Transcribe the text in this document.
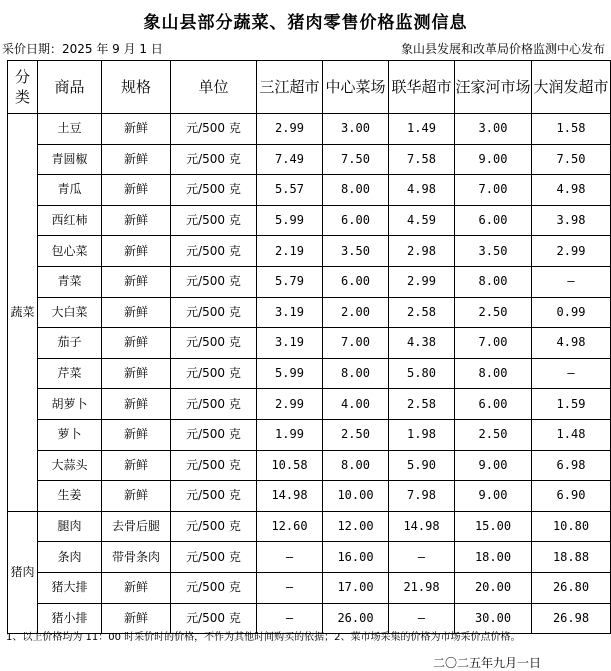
象山县部分蔬菜、猪肉零售价格监测信息
采价日期：2025 年 9 月 1 日	象山县发展和改革局价格监测中心发布
分类	商品	规格	单位	三江超市	中心菜场	联华超市	汪家河市场	大润发超市
蔬菜	土豆	新鲜	元/500 克	2.99	3.00	1.49	3.00	1.58
	青圆椒	新鲜	元/500 克	7.49	7.50	7.58	9.00	7.50
	青瓜	新鲜	元/500 克	5.57	8.00	4.98	7.00	4.98
	西红柿	新鲜	元/500 克	5.99	6.00	4.59	6.00	3.98
	包心菜	新鲜	元/500 克	2.19	3.50	2.98	3.50	2.99
	青菜	新鲜	元/500 克	5.79	6.00	2.99	8.00	—
	大白菜	新鲜	元/500 克	3.19	2.00	2.58	2.50	0.99
	茄子	新鲜	元/500 克	3.19	7.00	4.38	7.00	4.98
	芹菜	新鲜	元/500 克	5.99	8.00	5.80	8.00	—
	胡萝卜	新鲜	元/500 克	2.99	4.00	2.58	6.00	1.59
	萝卜	新鲜	元/500 克	1.99	2.50	1.98	2.50	1.48
	大蒜头	新鲜	元/500 克	10.58	8.00	5.90	9.00	6.98
	生姜	新鲜	元/500 克	14.98	10.00	7.98	9.00	6.90
猪肉	腿肉	去骨后腿	元/500 克	12.60	12.00	14.98	15.00	10.80
	条肉	带骨条肉	元/500 克	—	16.00	—	18.00	18.88
	猪大排	新鲜	元/500 克	—	17.00	21.98	20.00	26.80
	猪小排	新鲜	元/500 克	—	26.00	—	30.00	26.98
1、以上价格均为 11：00 时采价时的价格，不作为其他时间购买的依据；2、菜市场采集的价格为市场采价点价格。
二〇二五年九月一日
